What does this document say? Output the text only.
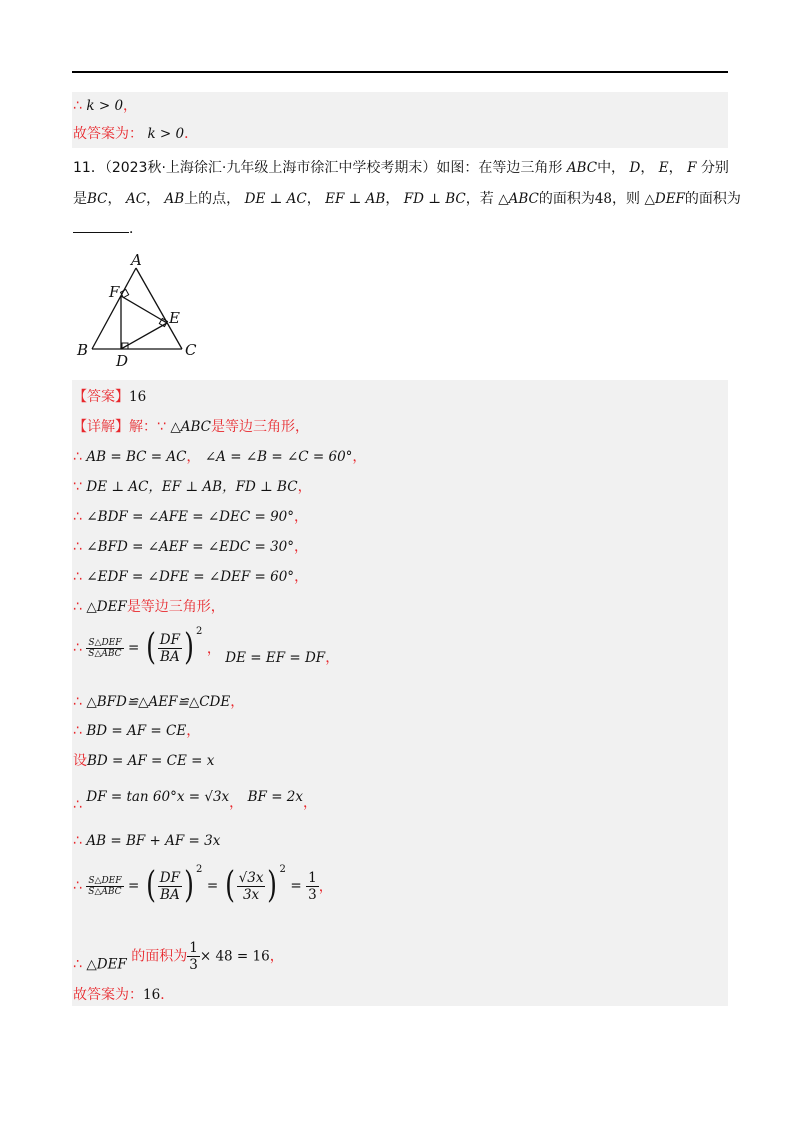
∴ k > 0，
故答案为： k > 0．
11．（2023秋·上海徐汇·九年级上海市徐汇中学校考期末）如图：在等边三角形 ABC中， D， E， F 分别
是BC， AC， AB上的点， DE ⊥ AC， EF ⊥ AB， FD ⊥ BC，若 △ABC的面积为48，则 △DEF的面积为
．
A
B	C
D
E
F
【答案】16
【详解】解：∵ △ABC是等边三角形，
∴ AB = BC = AC， ∠A = ∠B = ∠C = 60°，
∵ DE ⊥ AC，EF ⊥ AB，FD ⊥ BC，
∴ ∠BDF = ∠AFE = ∠DEC = 90°，
∴ ∠BFD = ∠AEF = ∠EDC = 30°，
∴ ∠EDF = ∠DFE = ∠DEF = 60°，
∴ △DEF是等边三角形，
∴ $\frac{\text{S△DEF}}{\text{S△ABC}}$ = ( $\frac{DF}{BA}$ ) $^2$ ， DE = EF = DF，
∴ △BFD≌△AEF≌△CDE，
∴ BD = AF = CE，
设BD = AF = CE = x
∴ DF = tan 60°x = √3x， BF = 2x，
∴ AB = BF + AF = 3x
∴ $\frac{\text{S△DEF}}{\text{S△ABC}}$ = ( $\frac{DF}{BA}$ ) $^2$ = ( $\frac{√3x}{3x}$ ) $^2 = \frac{1}{3}$ ，
∴ △DEF 的面积为 $\frac{1}{3} \times 48 = 16$，
故答案为：16．
